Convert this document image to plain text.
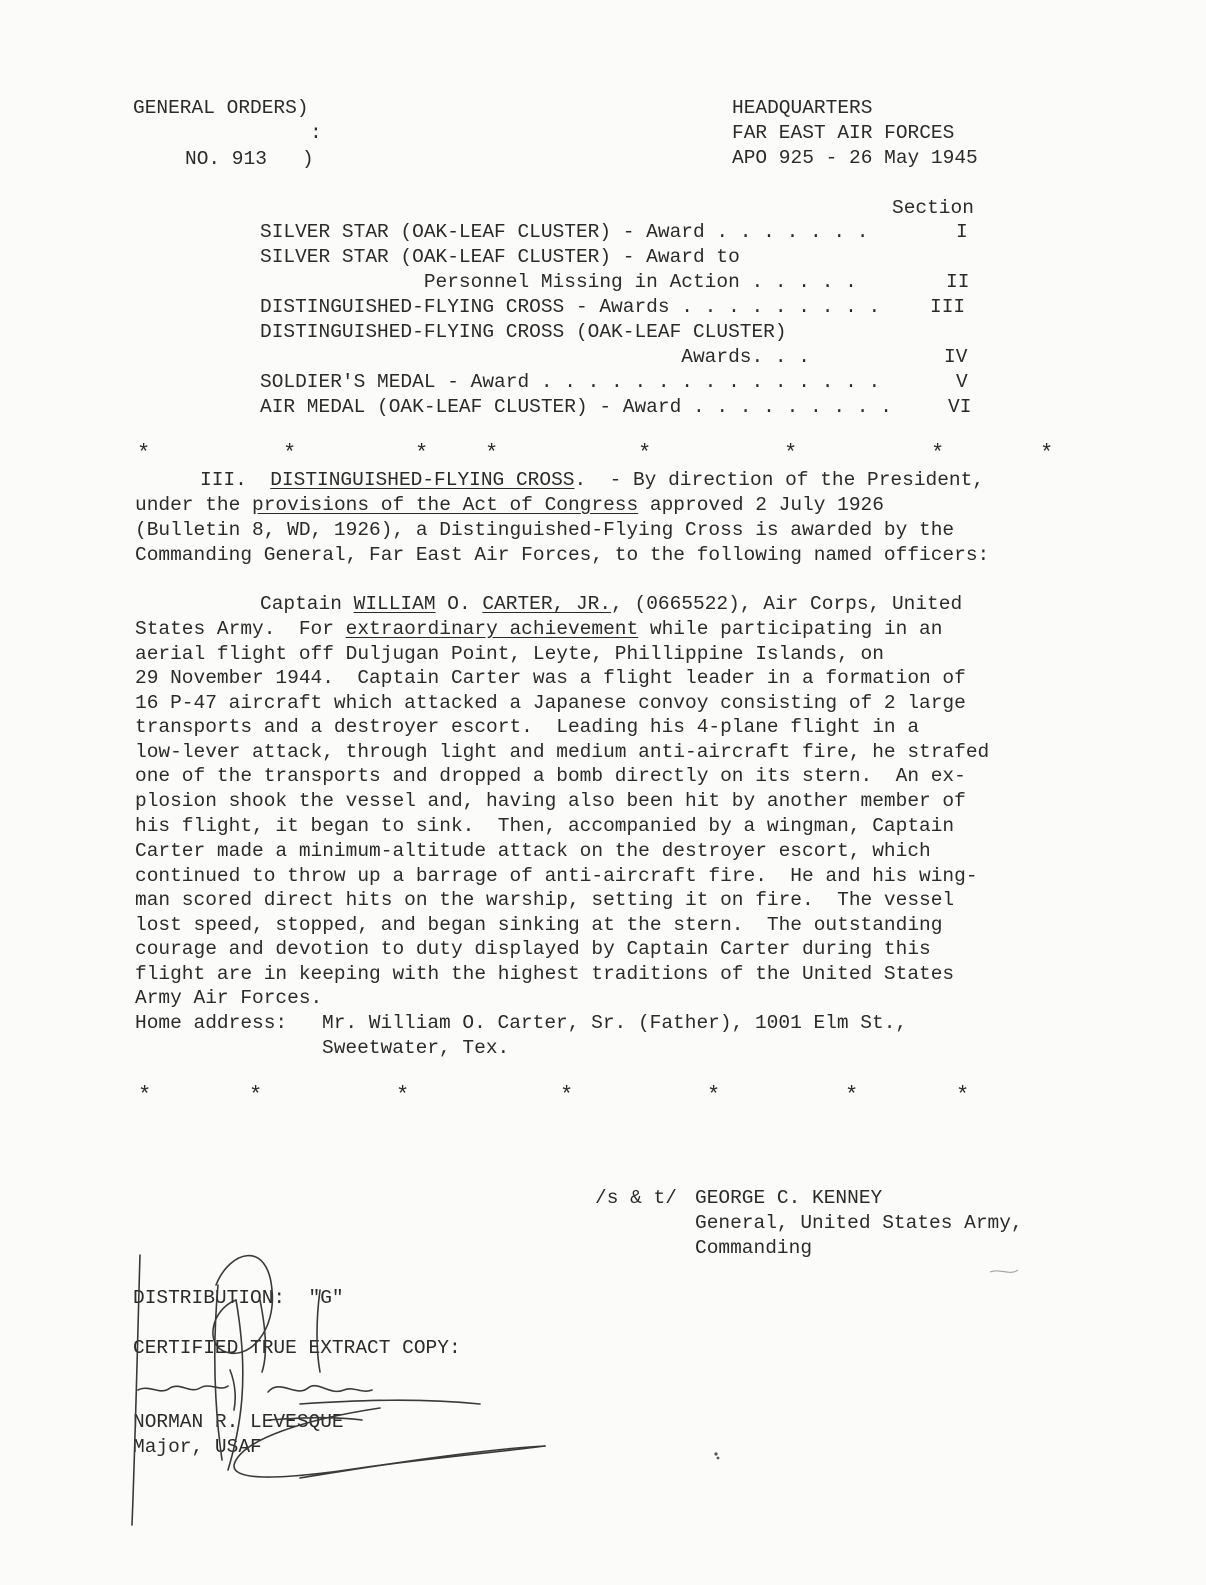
GENERAL ORDERS)
:
NO. 913   )
HEADQUARTERS
FAR EAST AIR FORCES
APO 925 - 26 May 1945
Section
SILVER STAR (OAK-LEAF CLUSTER) - Award . . . . . . .	I
SILVER STAR (OAK-LEAF CLUSTER) - Award to
Personnel Missing in Action . . . . .	II
DISTINGUISHED-FLYING CROSS - Awards . . . . . . . . .	III
DISTINGUISHED-FLYING CROSS (OAK-LEAF CLUSTER)
Awards. . .	IV
SOLDIER'S MEDAL - Award . . . . . . . . . . . . . . .	V
AIR MEDAL (OAK-LEAF CLUSTER) - Award . . . . . . . . .	VI
*	*	*	*	*	*	*	*
III. DISTINGUISHED-FLYING CROSS.  - By direction of the President,
under the provisions of the Act of Congress approved 2 July 1926
(Bulletin 8, WD, 1926), a Distinguished-Flying Cross is awarded by the
Commanding General, Far East Air Forces, to the following named officers:
Captain WILLIAM O. CARTER, JR., (0665522), Air Corps, United
States Army.  For extraordinary achievement while participating in an
aerial flight off Duljugan Point, Leyte, Phillippine Islands, on
29 November 1944.  Captain Carter was a flight leader in a formation of
16 P-47 aircraft which attacked a Japanese convoy consisting of 2 large
transports and a destroyer escort.  Leading his 4-plane flight in a
low-lever attack, through light and medium anti-aircraft fire, he strafed
one of the transports and dropped a bomb directly on its stern.  An ex-
plosion shook the vessel and, having also been hit by another member of
his flight, it began to sink.  Then, accompanied by a wingman, Captain
Carter made a minimum-altitude attack on the destroyer escort, which
continued to throw up a barrage of anti-aircraft fire.  He and his wing-
man scored direct hits on the warship, setting it on fire.  The vessel
lost speed, stopped, and began sinking at the stern.  The outstanding
courage and devotion to duty displayed by Captain Carter during this
flight are in keeping with the highest traditions of the United States
Army Air Forces.
Home address: Mr. William O. Carter, Sr. (Father), 1001 Elm St.,
Sweetwater, Tex.
*	*	*	*	*	*	*
/s & t/ GEORGE C. KENNEY
General, United States Army,
Commanding
DISTRIBUTION:  "G"
CERTIFIED TRUE EXTRACT COPY:
NORMAN R. LEVESQUE
Major, USAF
